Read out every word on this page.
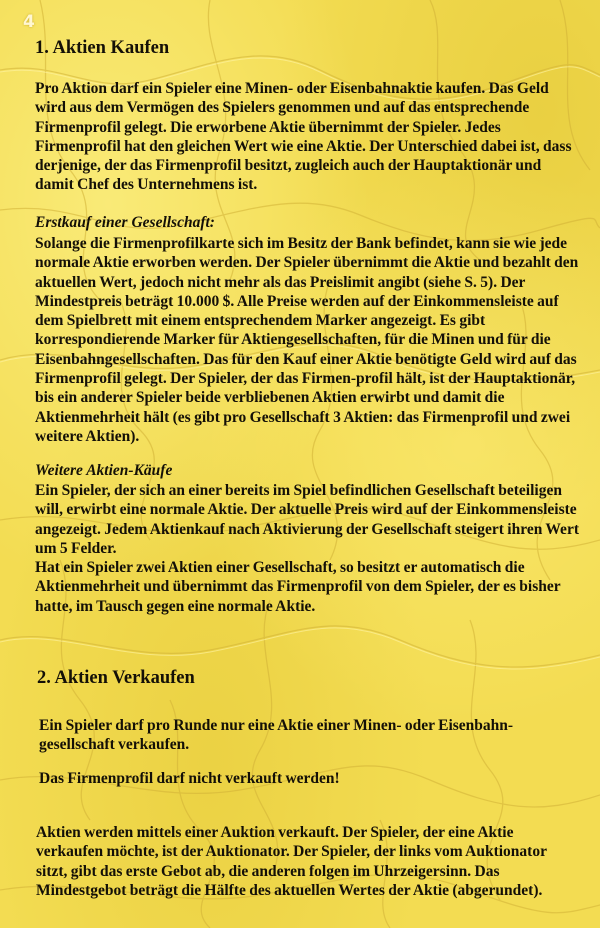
4
1. Aktien Kaufen

Pro Aktion darf ein Spieler eine Minen- oder Eisenbahnaktie kaufen. Das Geld wird aus dem Vermögen des Spielers genommen und auf das entsprechende Firmenprofil gelegt. Die erworbene Aktie übernimmt der Spieler. Jedes Firmenprofil hat den gleichen Wert wie eine Aktie. Der Unterschied dabei ist, dass derjenige, der das Firmenprofil besitzt, zugleich auch der Hauptaktionär und damit Chef des Unternehmens ist.

Erstkauf einer Gesellschaft:

Solange die Firmenprofilkarte sich im Besitz der Bank befindet, kann sie wie jede normale Aktie erworben werden. Der Spieler übernimmt die Aktie und bezahlt den aktuellen Wert, jedoch nicht mehr als das Preislimit angibt (siehe S. 5). Der Mindestpreis beträgt 10.000 $. Alle Preise werden auf der Einkommensleiste auf dem Spielbrett mit einem entsprechendem Marker angezeigt. Es gibt korrespondierende Marker für Aktiengesellschaften, für die Minen und für die Eisenbahngesellschaften. Das für den Kauf einer Aktie benötigte Geld wird auf das Firmenprofil gelegt. Der Spieler, der das Firmen-profil hält, ist der Hauptaktionär, bis ein anderer Spieler beide verbliebenen Aktien erwirbt und damit die Aktienmehrheit hält (es gibt pro Gesellschaft 3 Aktien: das Firmenprofil und zwei weitere Aktien).

Weitere Aktien-Käufe

Ein Spieler, der sich an einer bereits im Spiel befindlichen Gesellschaft beteiligen will, erwirbt eine normale Aktie. Der aktuelle Preis wird auf der Einkommensleiste angezeigt. Jedem Aktienkauf nach Aktivierung der Gesellschaft steigert ihren Wert um 5 Felder.

Hat ein Spieler zwei Aktien einer Gesellschaft, so besitzt er automatisch die Aktienmehrheit und übernimmt das Firmenprofil von dem Spieler, der es bisher hatte, im Tausch gegen eine normale Aktie.

2. Aktien Verkaufen

Ein Spieler darf pro Runde nur eine Aktie einer Minen- oder Eisenbahn-gesellschaft verkaufen.

Das Firmenprofil darf nicht verkauft werden!

Aktien werden mittels einer Auktion verkauft. Der Spieler, der eine Aktie verkaufen möchte, ist der Auktionator. Der Spieler, der links vom Auktionator sitzt, gibt das erste Gebot ab, die anderen folgen im Uhrzeigersinn. Das Mindestgebot beträgt die Hälfte des aktuellen Wertes der Aktie (abgerundet).
